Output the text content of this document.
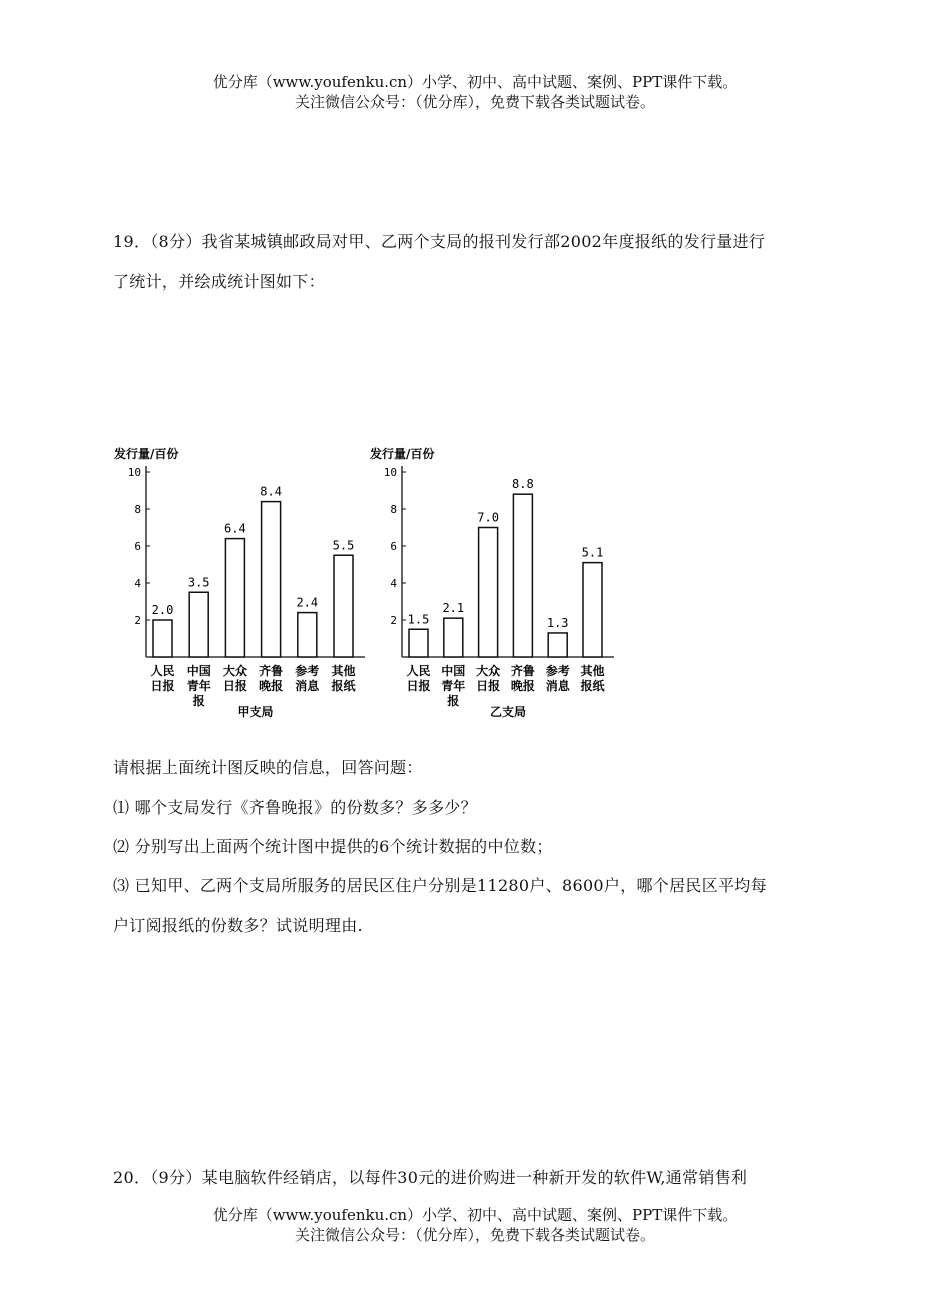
优分库（www.youfenku.cn）小学、初中、高中试题、案例、PPT课件下载。
关注微信公众号：（优分库），免费下载各类试题试卷。
19．（8分）我省某城镇邮政局对甲、乙两个支局的报刊发行部2002年度报纸的发行量进行
了统计，并绘成统计图如下：
发行量/百份
2
4
6
8
10
2.0
人民
日报
3.5
中国
青年
报
6.4
大众
日报
8.4
齐鲁
晚报
2.4
参考
消息
5.5
其他
报纸
甲支局
发行量/百份
2
4
6
8
10
1.5
人民
日报
2.1
中国
青年
报
7.0
大众
日报
8.8
齐鲁
晚报
1.3
参考
消息
5.1
其他
报纸
乙支局
请根据上面统计图反映的信息，回答问题：
⑴ 哪个支局发行《齐鲁晚报》的份数多？多多少？
⑵ 分别写出上面两个统计图中提供的6个统计数据的中位数；
⑶ 已知甲、乙两个支局所服务的居民区住户分别是11280户、8600户，哪个居民区平均每
户订阅报纸的份数多？试说明理由.
20．（9分）某电脑软件经销店，以每件30元的进价购进一种新开发的软件W,通常销售利
优分库（www.youfenku.cn）小学、初中、高中试题、案例、PPT课件下载。
关注微信公众号：（优分库），免费下载各类试题试卷。
